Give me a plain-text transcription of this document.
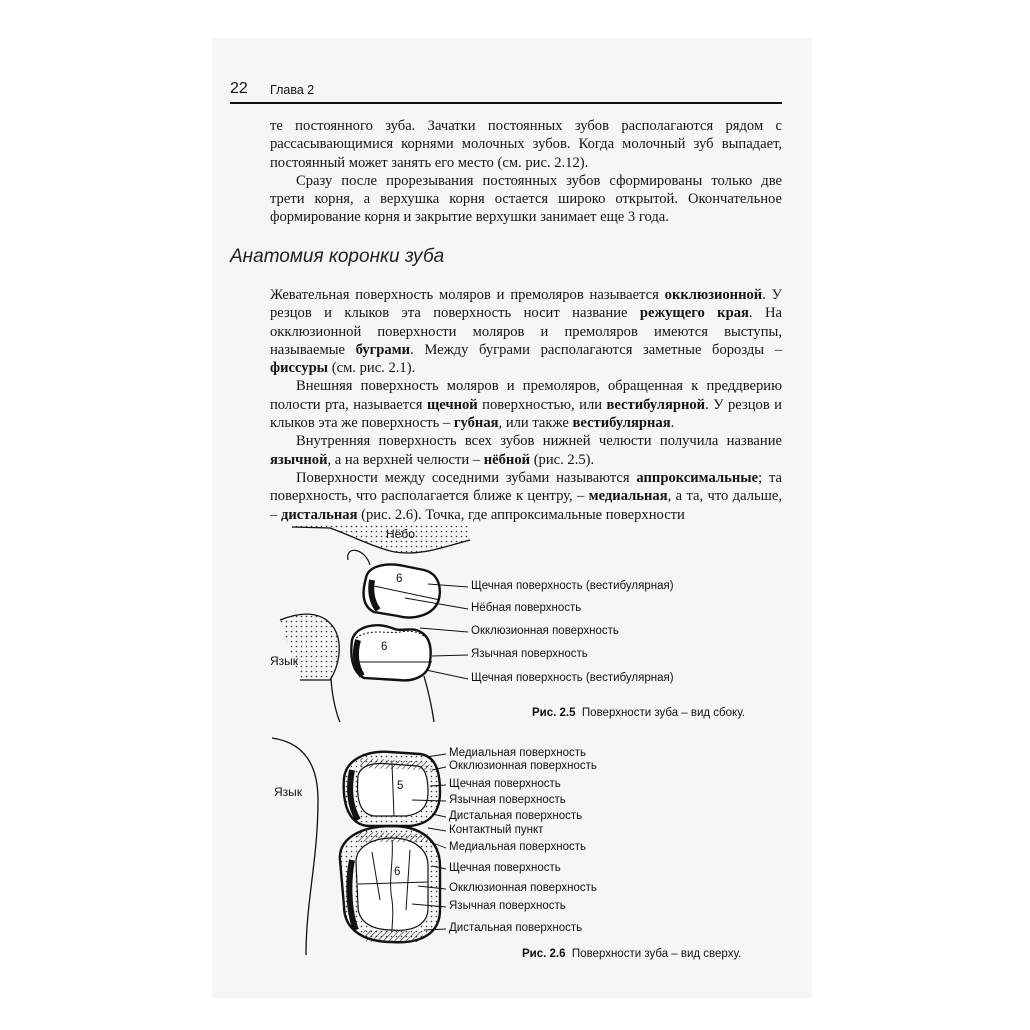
22 Глава 2

те постоянного зуба. Зачатки постоянных зубов располагаются рядом с рассасывающимися корнями молочных зубов. Когда молочный зуб выпадает, постоянный может занять его место (см. рис. 2.12).

Сразу после прорезывания постоянных зубов сформированы только две трети корня, а верхушка корня остается широко открытой. Окончательное формирование корня и закрытие верхушки занимает еще 3 года.

Анатомия коронки зуба

Жевательная поверхность моляров и премоляров называется окклюзионной. У резцов и клыков эта поверхность носит название режущего края. На окклюзионной поверхности моляров и премоляров имеются выступы, называемые буграми. Между буграми располагаются заметные борозды – фиссуры (см. рис. 2.1).

Внешняя поверхность моляров и премоляров, обращенная к преддверию полости рта, называется щечной поверхностью, или вестибулярной. У резцов и клыков эта же поверхность – губная, или также вестибулярная.

Внутренняя поверхность всех зубов нижней челюсти получила название язычной, а на верхней челюсти – нёбной (рис. 2.5).

Поверхности между соседними зубами называются аппроксимальные; та поверхность, что располагается ближе к центру, – медиальная, а та, что дальше, – дистальная (рис. 2.6). Точка, где аппроксимальные поверхности

Нёбо
Язык
6
6
Щечная поверхность (вестибулярная)
Нёбная поверхность
Окклюзионная поверхность
Язычная поверхность
Щечная поверхность (вестибулярная)
Рис. 2.5 Поверхности зуба – вид сбоку.
Язык	5
6
Медиальная поверхность
Окклюзионная поверхность
Щечная поверхность
Язычная поверхность
Дистальная поверхность
Контактный пункт
Медиальная поверхность
Щечная поверхность
Окклюзионная поверхность
Язычная поверхность
Дистальная поверхность
Рис. 2.6 Поверхности зуба – вид сверху.
